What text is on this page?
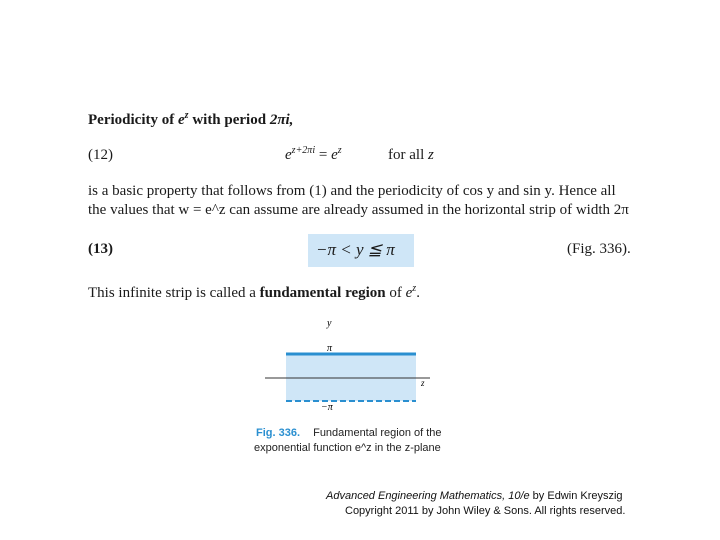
Periodicity of $e^z$ with period 2πi,
(12)	$e^{z+2\pi i} = e^z$	for all z
is a basic property that follows from (1) and the periodicity of cos y and sin y. Hence all
the values that w = e^z can assume are already assumed in the horizontal strip of width 2π
(13)	−π < y ≦ π	(Fig. 336).
This infinite strip is called a fundamental region of $e^z$.
y
π
−π
z
Fig. 336. Fundamental region of the
exponential function e^z in the z-plane
Advanced Engineering Mathematics, 10/e by Edwin Kreyszig
Copyright 2011 by John Wiley & Sons. All rights reserved.
